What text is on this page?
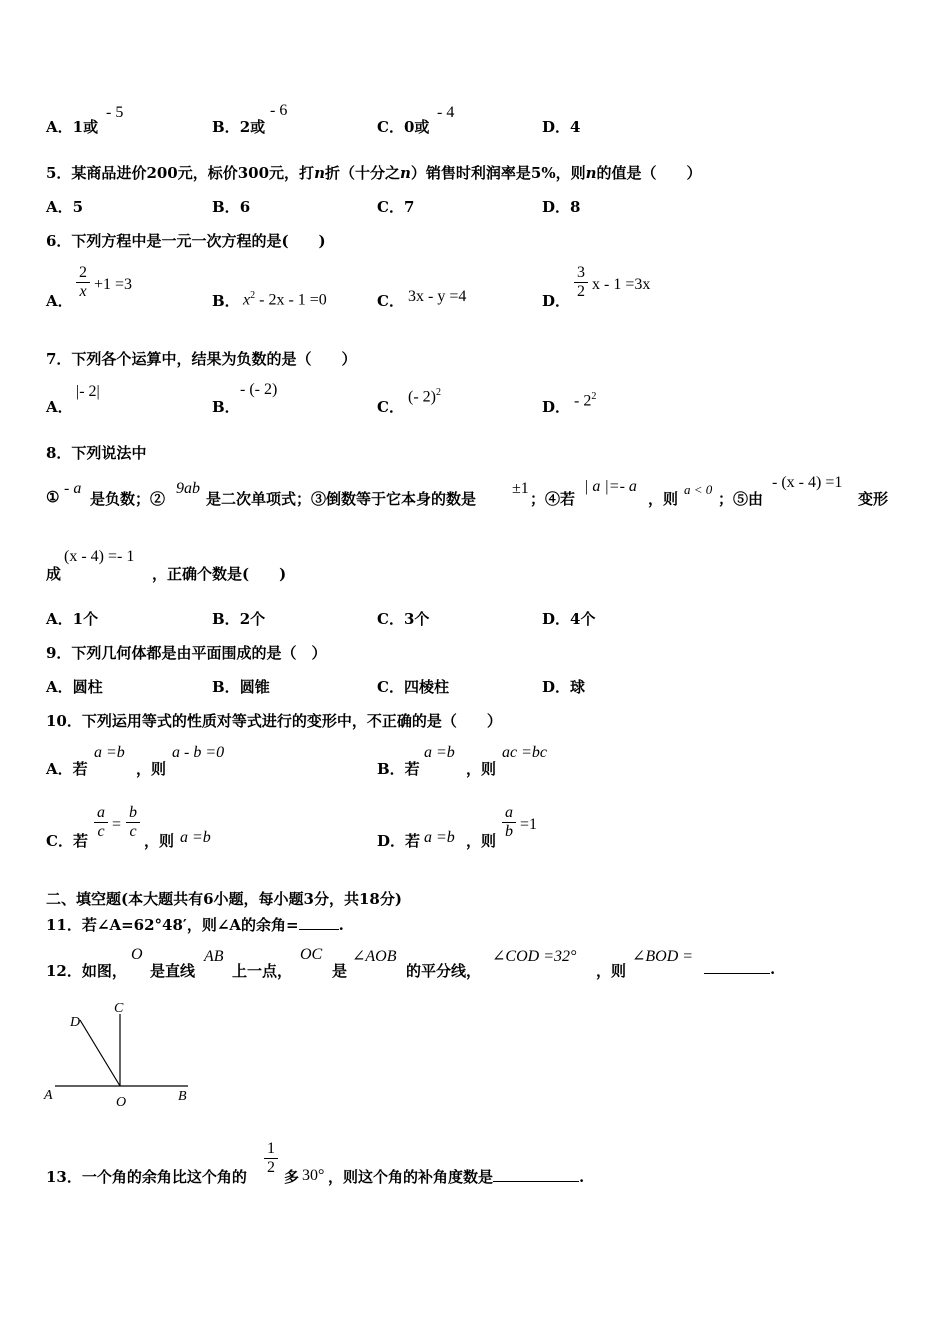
A．1或
- 5
B．2或
- 6
C．0或
- 4
D．4
5．某商品进价200元，标价300元，打n折（十分之n）销售时利润率是5%，则n的值是（　　）
A．5	B．6	C．7	D．8
6．下列方程中是一元一次方程的是(　　)
A．
2
x +1 =3
B． $x^2 - 2x - 1 =0$	C． 3x - y =4	D．
3
2 x - 1 =3x
7．下列各个运算中，结果为负数的是（　　）
A．
|- 2|
B．
- (- 2)
C．
(- 2)$^2$
D． - $2^2$
8．下列说法中
① - a
是负数；②
9ab
是二次单项式；③倒数等于它本身的数是
±1
；④若
| a |=- a
，则
a < 0
；⑤由
- (x - 4) =1
变形
成
(x - 4) =- 1
，正确个数是(　　)
A．1个	B．2个	C．3个	D．4个
9．下列几何体都是由平面围成的是（　）
A．圆柱	B．圆锥	C．四棱柱	D．球
10．下列运用等式的性质对等式进行的变形中，不正确的是（　　）
A．若
a =b
，则
a - b =0
B．若
a =b
，则
ac =bc
C．若
a
c =
b
c
，则 a =b	D．若 a =b ，则
a
b =1
二、填空题(本大题共有6小题，每小题3分，共18分)
11．若∠A=62°48′，则∠A的余角=	.
12．如图，
O
是直线
AB
上一点，
OC
是
∠AOB
的平分线，
∠COD =32°
，则
∠BOD =
.
D
C
A	O	B
13．一个角的余角比这个角的
1
2
多 30° ，则这个角的补角度数是	.
